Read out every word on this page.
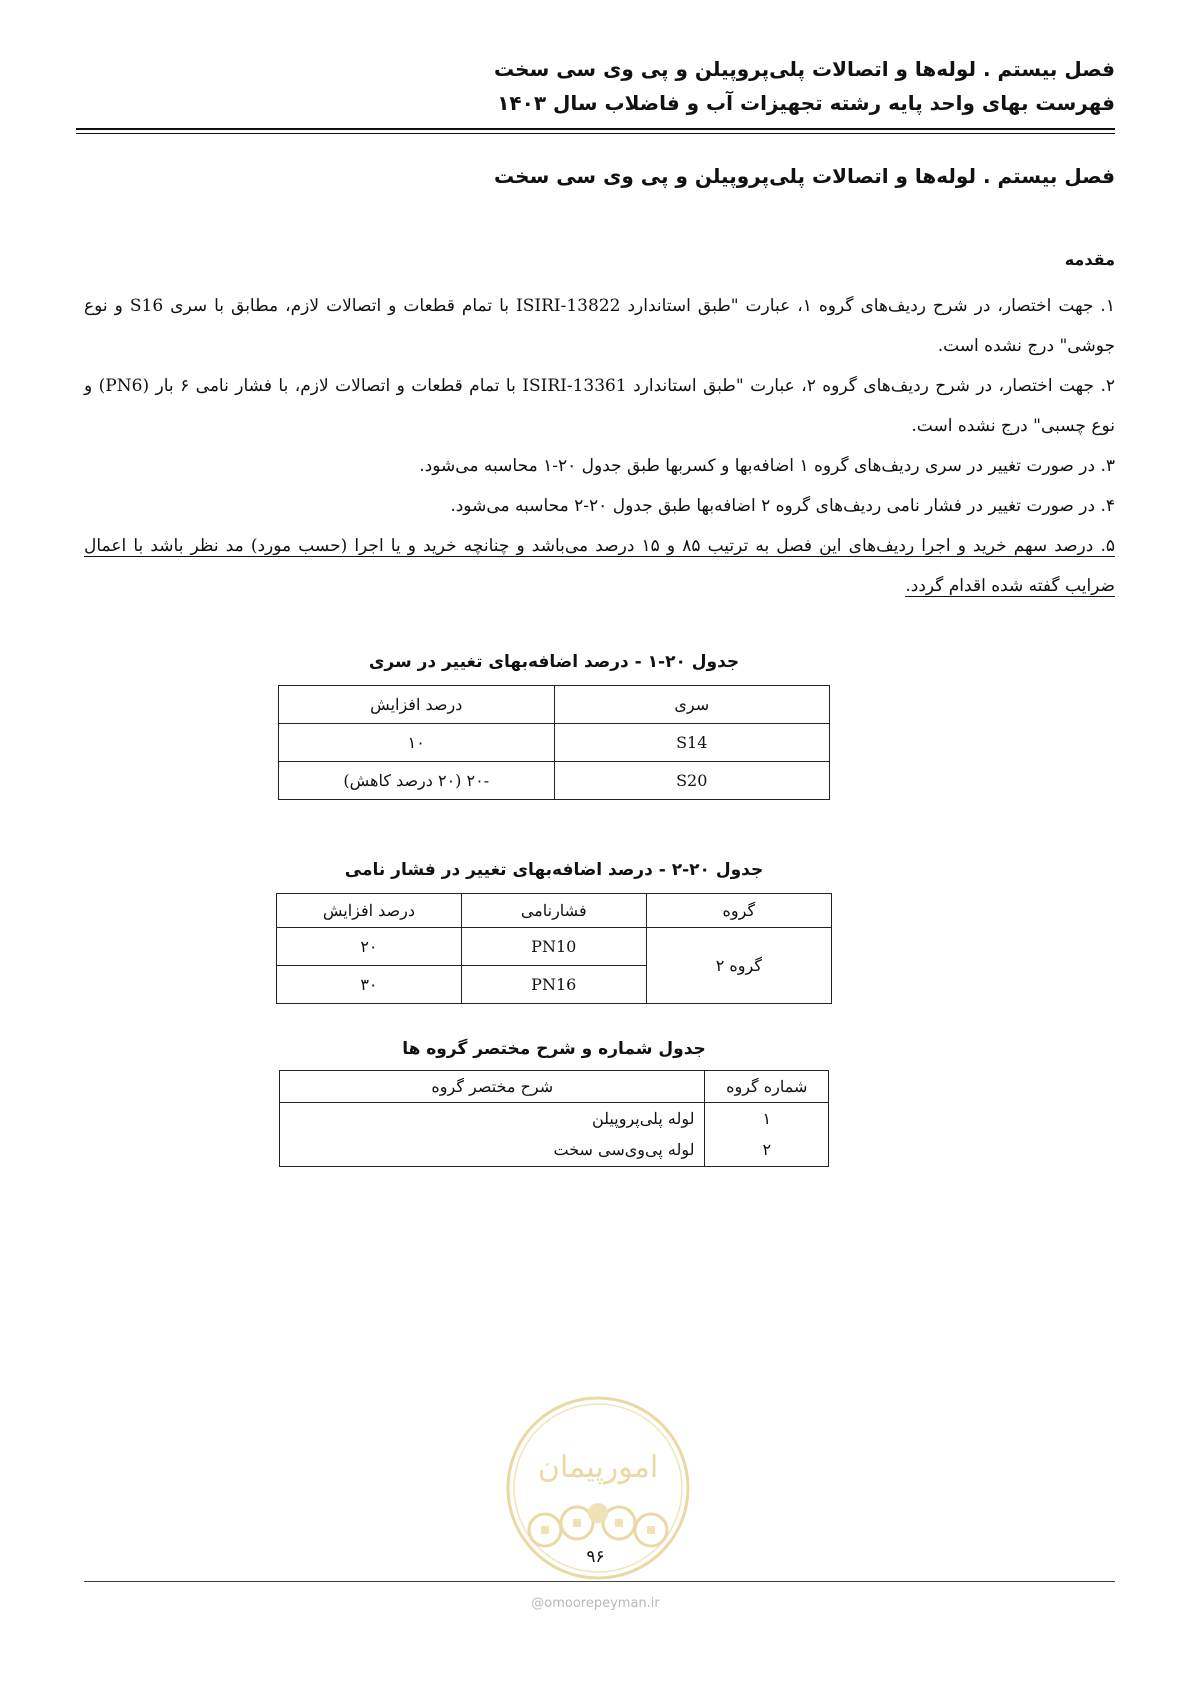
فصل بیستم . لوله‌ها و اتصالات پلی‌پروپیلن و پی وی سی سخت
فهرست بهای واحد پایه رشته تجهیزات آب و فاضلاب سال ۱۴۰۳
فصل بیستم . لوله‌ها و اتصالات پلی‌پروپیلن و پی وی سی سخت
مقدمه

۱. جهت اختصار، در شرح ردیف‌های گروه ۱، عبارت "طبق استاندارد ISIRI-13822 با تمام قطعات و اتصالات لازم، مطابق با سری S16 و نوع جوشی" درج نشده است.

۲. جهت اختصار، در شرح ردیف‌های گروه ۲، عبارت "طبق استاندارد ISIRI-13361 با تمام قطعات و اتصالات لازم، با فشار نامی ۶ بار (PN6) و نوع چسبی" درج نشده است.

۳. در صورت تغییر در سری ردیف‌های گروه ۱ اضافه‌بها و کسربها طبق جدول ۲۰-۱ محاسبه می‌شود.

۴. در صورت تغییر در فشار نامی ردیف‌های گروه ۲ اضافه‌بها طبق جدول ۲۰-۲ محاسبه می‌شود.

۵. درصد سهم خرید و اجرا ردیف‌های این فصل به ترتیب ۸۵ و ۱۵ درصد می‌باشد و چنانچه خرید و یا اجرا (حسب مورد) مد نظر باشد با اعمال ضرایب گفته شده اقدام گردد.

جدول ۲۰-۱ - درصد اضافه‌بهای تغییر در سری
سری	درصد افزایش
S14	۱۰
S20	-۲۰ (۲۰ درصد کاهش)
جدول ۲۰-۲ - درصد اضافه‌بهای تغییر در فشار نامی
گروه	فشارنامی	درصد افزایش
گروه ۲	PN10	۲۰
	PN16	۳۰
جدول شماره و شرح مختصر گروه ها
شماره گروه	شرح مختصر گروه
۱	لوله پلی‌پروپیلن
۲	لوله پی‌وی‌سی سخت
امورپیمان
۹۶
@omoorepeyman.ir
